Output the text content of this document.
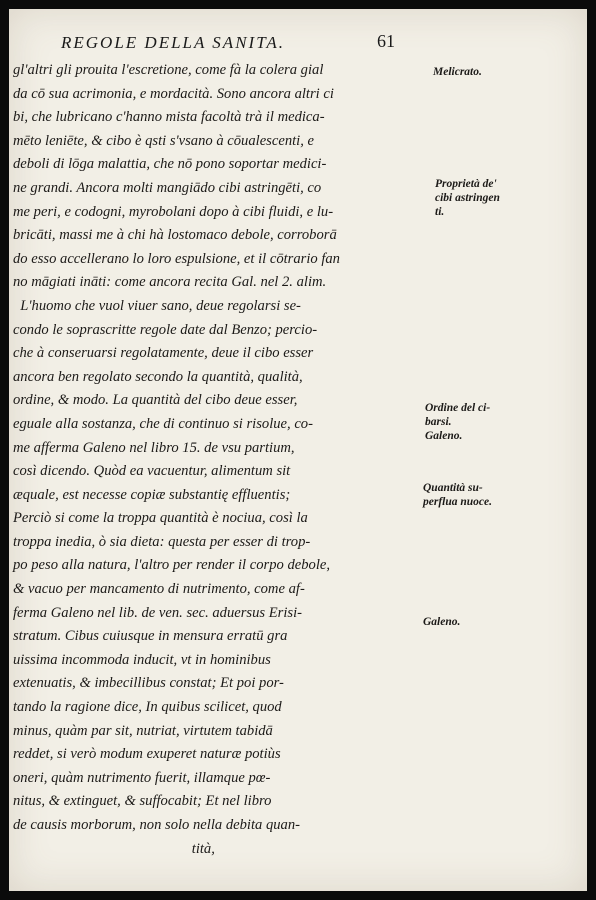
REGOLE DELLA SANITA.	61
gl'altri gli prouita l'escretione, come fà la colera gial
da cō sua acrimonia, e mordacità. Sono ancora altri ci
bi, che lubricano c'hanno mista facoltà trà il medica-
mēto leniēte, & cibo è qsti s'vsano à cōualescenti, e
deboli di lōga malattia, che nō pono soportar medici-
ne grandi. Ancora molti mangiādo cibi astringēti, co
me peri, e codogni, myrobolani dopo à cibi fluidi, e lu-
bricāti, massi me à chi hà lostomaco debole, corroborā
do esso accellerano lo loro espulsione, et il cōtrario fan
no māgiati ināti: come ancora recita Gal. nel 2. alim.
L'huomo che vuol viuer sano, deue regolarsi se-
condo le soprascritte regole date dal Benzo; percio-
che à conseruarsi regolatamente, deue il cibo esser
ancora ben regolato secondo la quantità, qualità,
ordine, & modo. La quantità del cibo deue esser,
eguale alla sostanza, che di continuo si risolue, co-
me afferma Galeno nel libro 15. de vsu partium,
così dicendo. Quòd ea vacuentur, alimentum sit
æquale, est necesse copiæ substantię effluentis;
Perciò si come la troppa quantità è nociua, così la
troppa inedia, ò sia dieta: questa per esser di trop-
po peso alla natura, l'altro per render il corpo debole,
& vacuo per mancamento di nutrimento, come af-
ferma Galeno nel lib. de ven. sec. aduersus Erisi-
stratum. Cibus cuiusque in mensura erratū gra
uissima incommoda inducit, vt in hominibus
extenuatis, & imbecillibus constat; Et poi por-
tando la ragione dice, In quibus scilicet, quod
minus, quàm par sit, nutriat, virtutem tabidā
reddet, si verò modum exuperet naturæ potiùs
oneri, quàm nutrimento fuerit, illamque pœ-
nitus, & extinguet, & suffocabit; Et nel libro
de causis morborum, non solo nella debita quan-
tità,
Melicrato.
Proprietà de'
cibi astringen
ti.
Ordine del ci-
barsi.
Galeno.
Quantità su-
perflua nuoce.
Galeno.
